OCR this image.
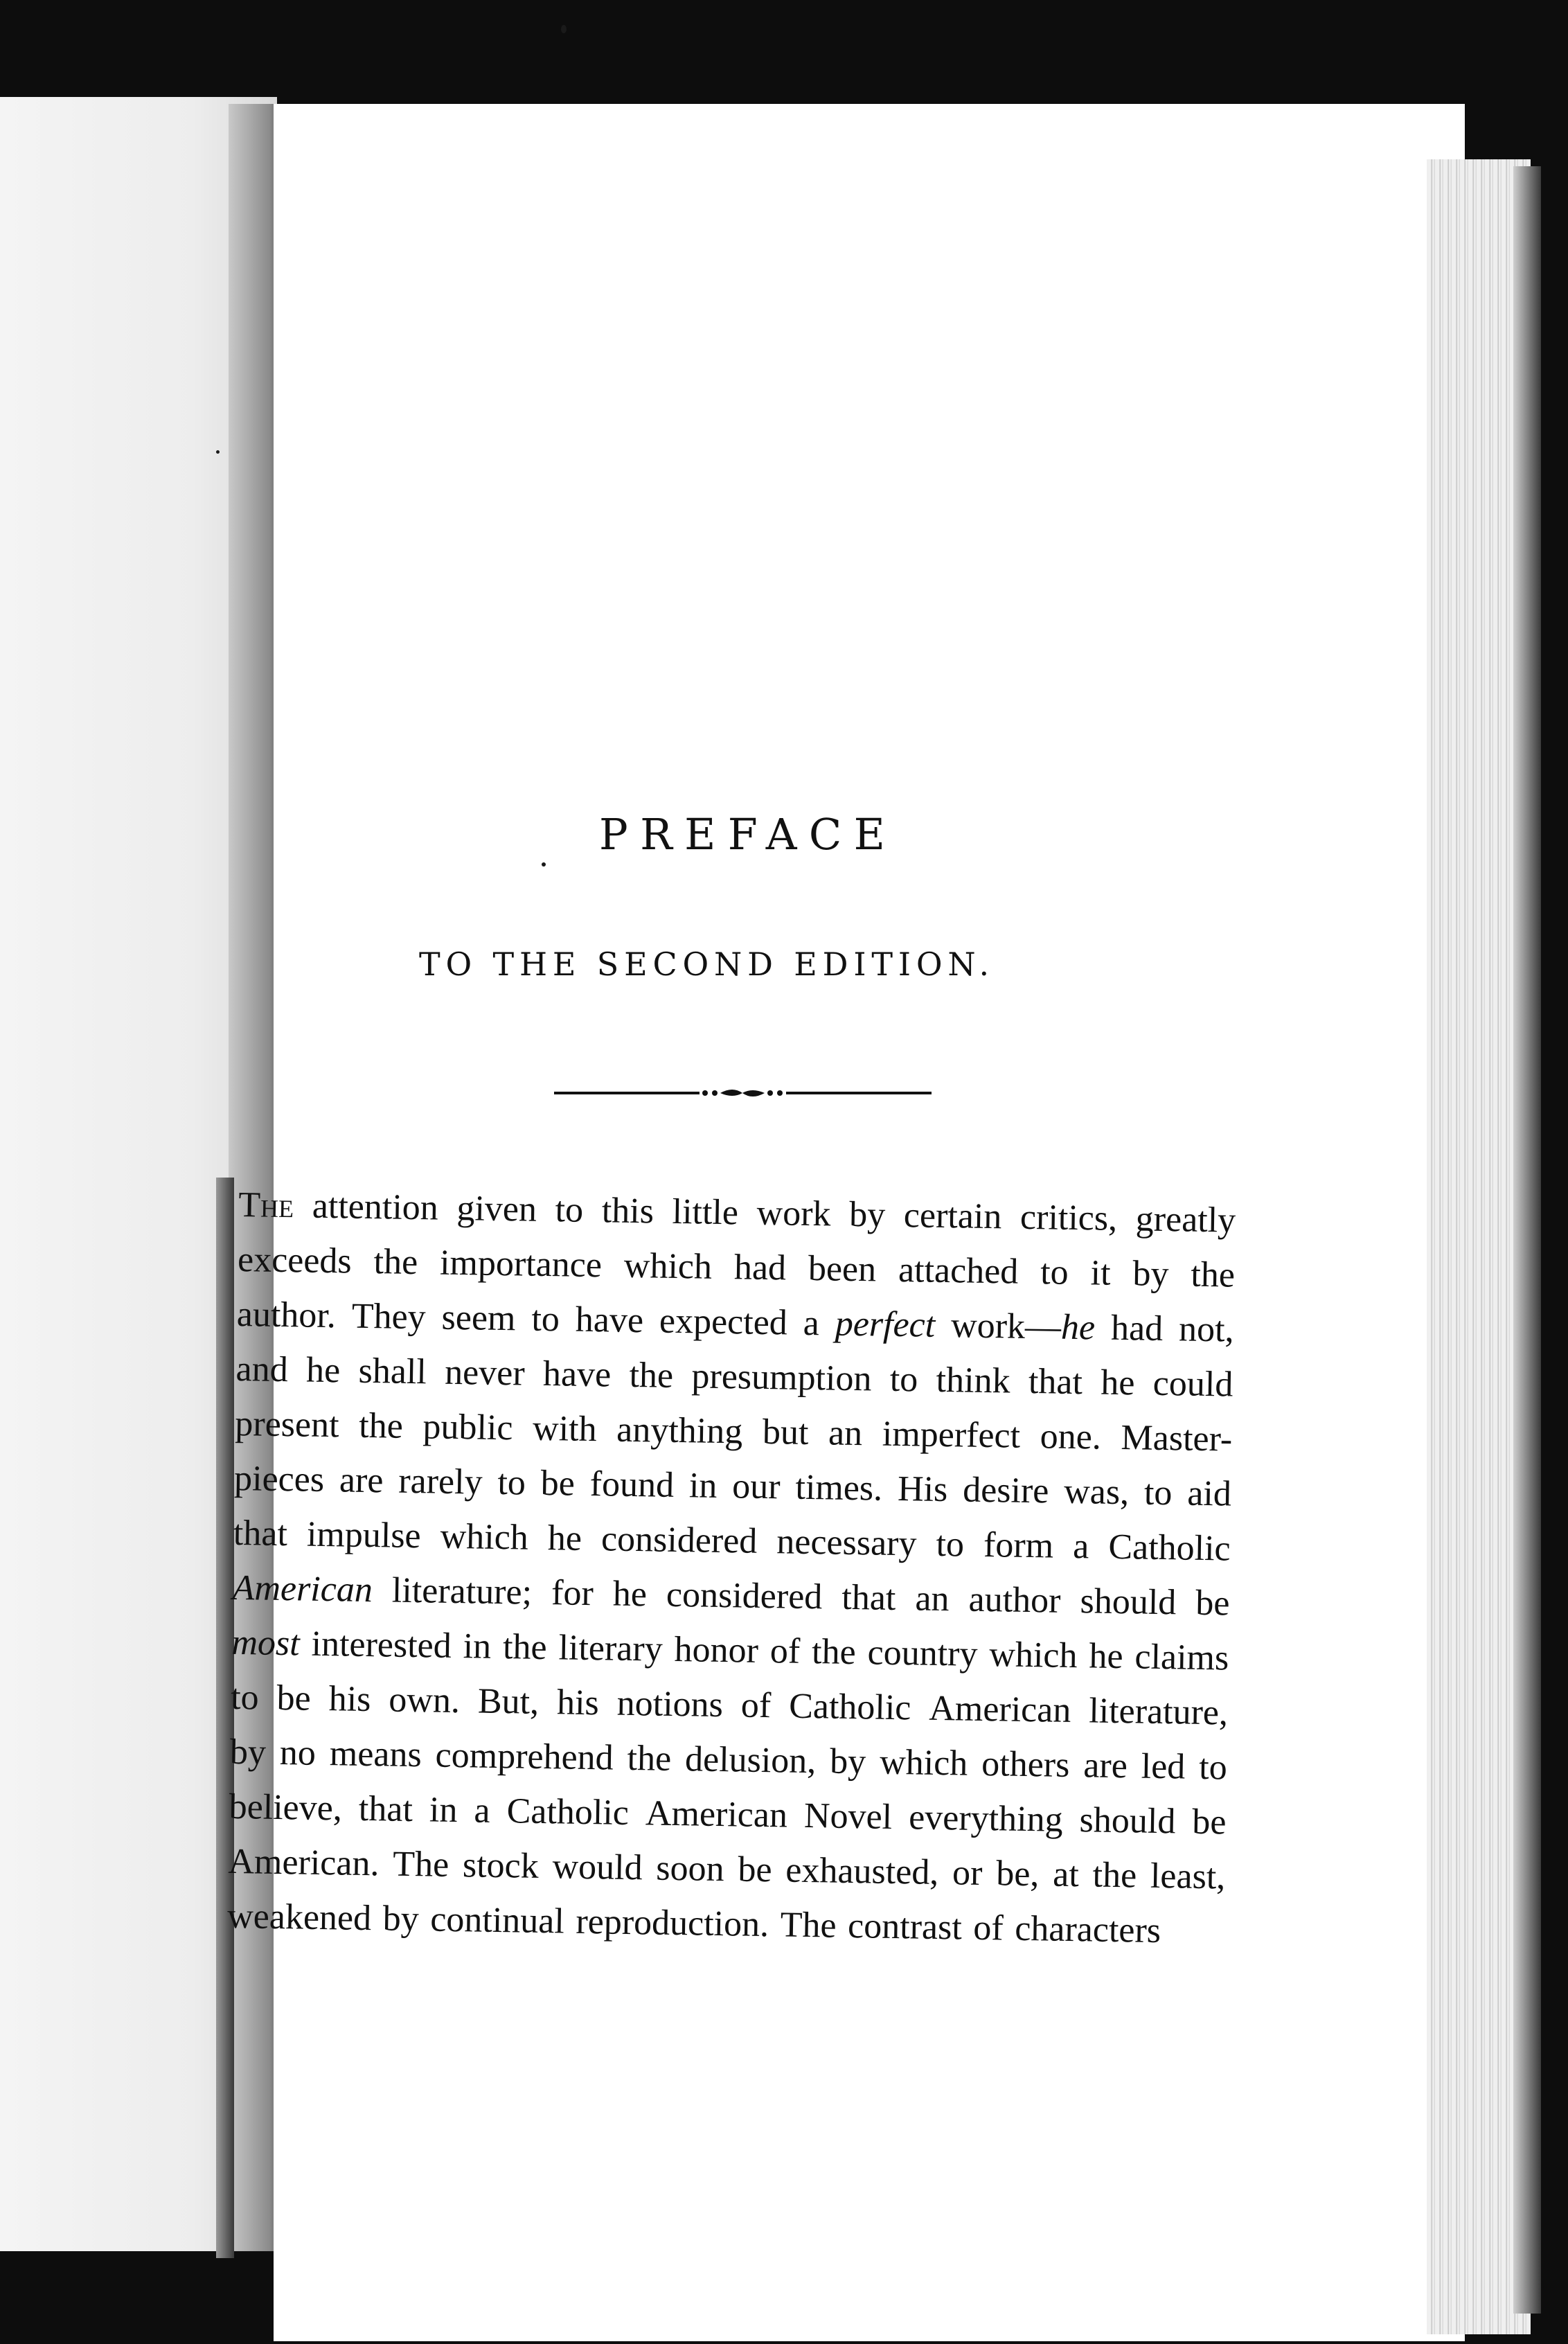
PREFACE
TO THE SECOND EDITION.
The attention given to this little work by certain critics, greatly
exceeds the importance which had been attached to it by the
author. They seem to have expected a perfect work—he had not,
and he shall never have the presumption to think that he could
present the public with anything but an imperfect one. Master-
pieces are rarely to be found in our times. His desire was, to aid
that impulse which he considered necessary to form a Catholic
American literature; for he considered that an author should be
most interested in the literary honor of the country which he claims
to be his own. But, his notions of Catholic American literature,
by no means comprehend the delusion, by which others are led to
believe, that in a Catholic American Novel everything should be
American. The stock would soon be exhausted, or be, at the least,
weakened by continual reproduction. The contrast of characters
